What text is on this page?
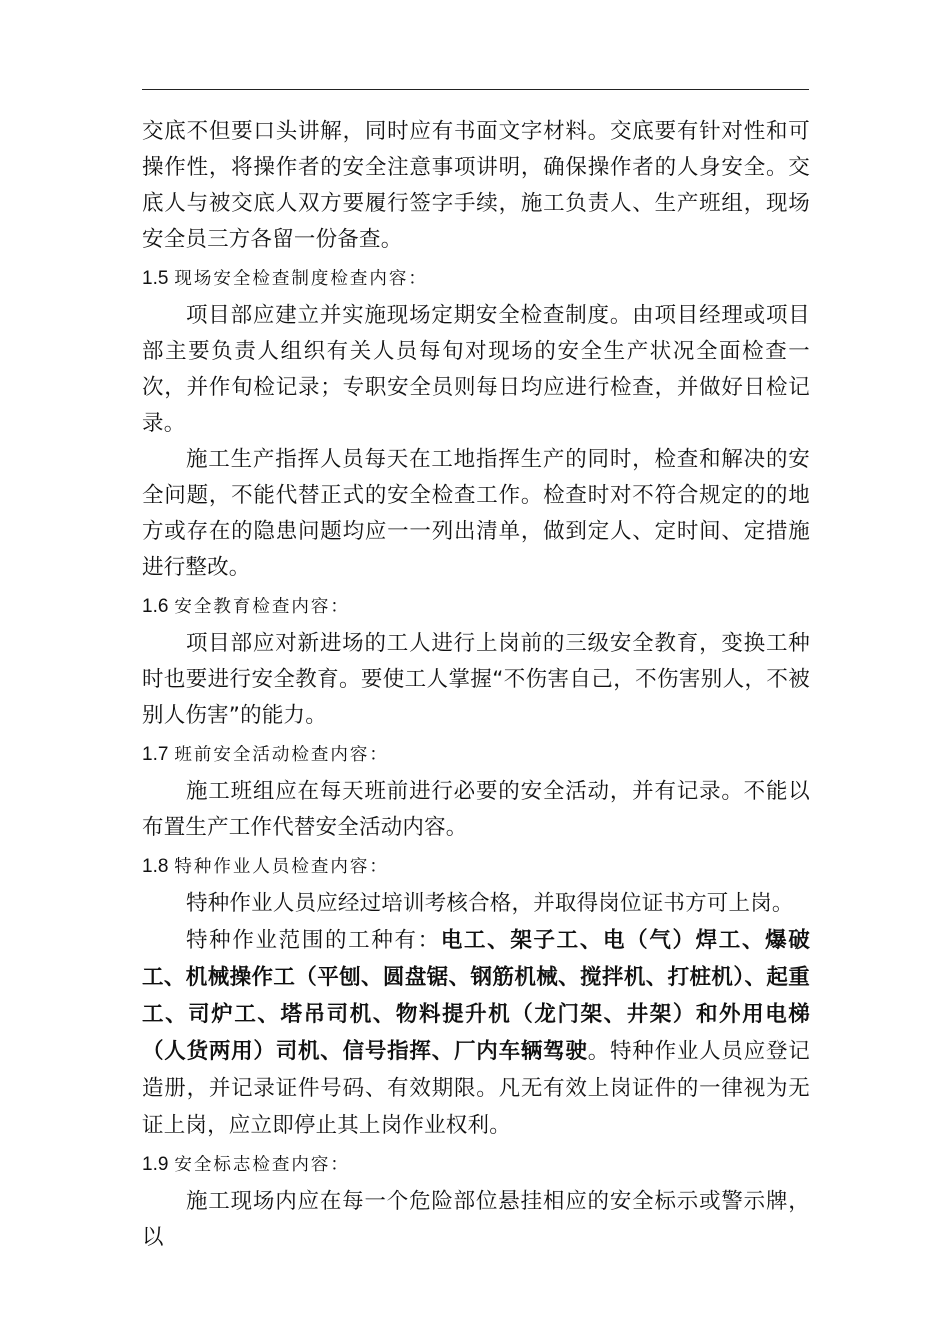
交底不但要口头讲解，同时应有书面文字材料。交底要有针对性和可操作性，将操作者的安全注意事项讲明，确保操作者的人身安全。交底人与被交底人双方要履行签字手续，施工负责人、生产班组，现场安全员三方各留一份备查。

1.5 现场安全检查制度检查内容：

项目部应建立并实施现场定期安全检查制度。由项目经理或项目部主要负责人组织有关人员每旬对现场的安全生产状况全面检查一次，并作旬检记录；专职安全员则每日均应进行检查，并做好日检记录。

施工生产指挥人员每天在工地指挥生产的同时，检查和解决的安全问题，不能代替正式的安全检查工作。检查时对不符合规定的的地方或存在的隐患问题均应一一列出清单，做到定人、定时间、定措施进行整改。

1.6 安全教育检查内容：

项目部应对新进场的工人进行上岗前的三级安全教育，变换工种时也要进行安全教育。要使工人掌握“不伤害自己，不伤害别人，不被别人伤害”的能力。

1.7 班前安全活动检查内容：

施工班组应在每天班前进行必要的安全活动，并有记录。不能以布置生产工作代替安全活动内容。

1.8 特种作业人员检查内容：

特种作业人员应经过培训考核合格，并取得岗位证书方可上岗。

特种作业范围的工种有：电工、架子工、电（气）焊工、爆破工、机械操作工（平刨、圆盘锯、钢筋机械、搅拌机、打桩机）、起重工、司炉工、塔吊司机、物料提升机（龙门架、井架）和外用电梯（人货两用）司机、信号指挥、厂内车辆驾驶。特种作业人员应登记造册，并记录证件号码、有效期限。凡无有效上岗证件的一律视为无证上岗，应立即停止其上岗作业权利。

1.9 安全标志检查内容：

施工现场内应在每一个危险部位悬挂相应的安全标示或警示牌，以
